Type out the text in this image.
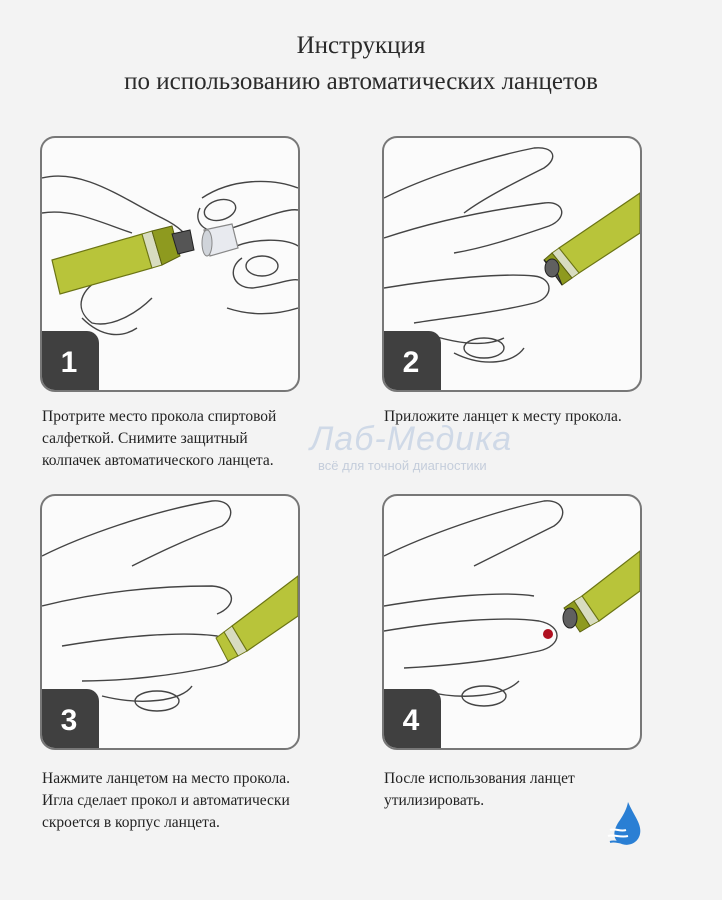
Инструкция
по использованию автоматических ланцетов
1	2
3	4
Протрите место прокола спиртовой
салфеткой. Снимите защитный
колпачек автоматического ланцета.
Приложите ланцет к месту прокола.
Нажмите ланцетом на место прокола.
Игла сделает прокол и автоматически
скроется в корпус ланцета.
После использования ланцет
утилизировать.
Лаб-Медика
всё для точной диагностики
